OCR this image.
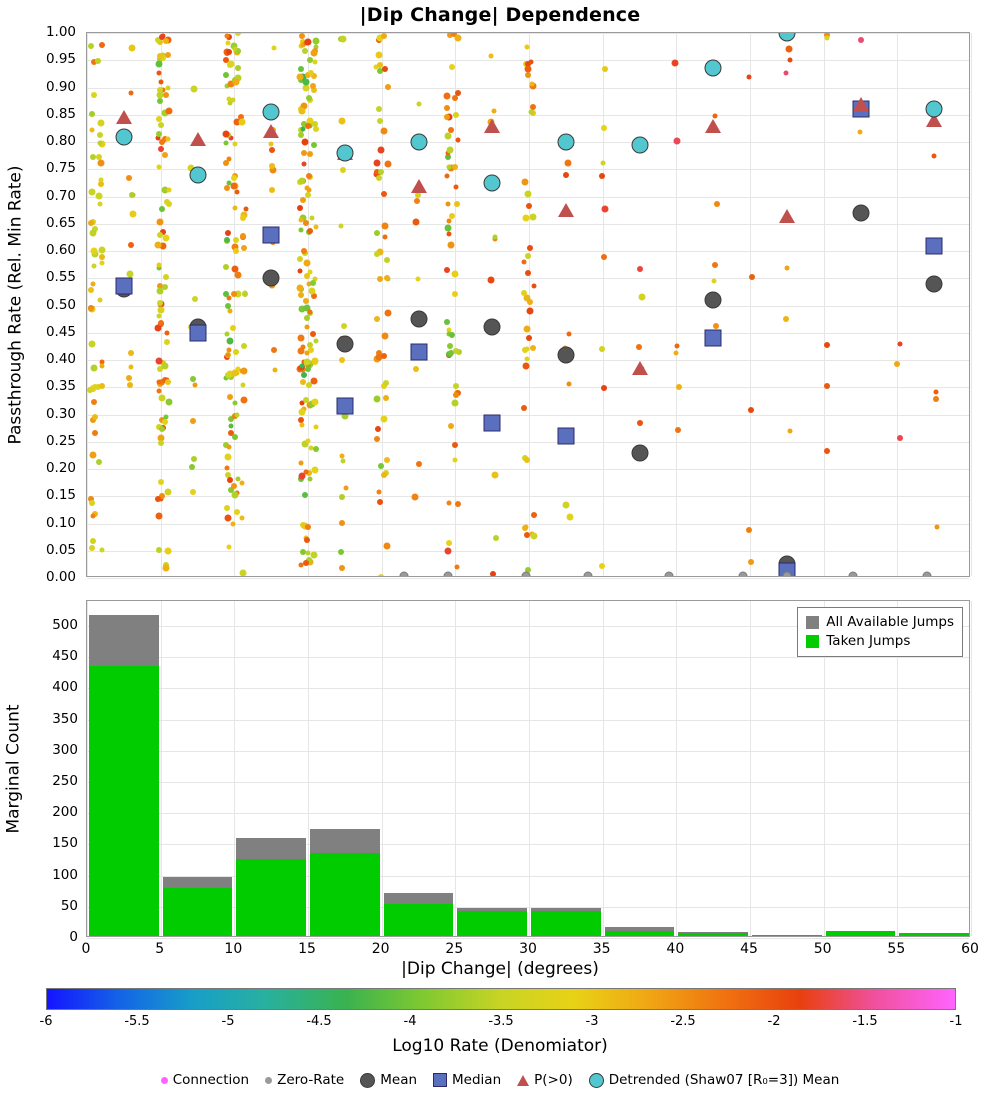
|Dip Change| Dependence
Passthrough Rate (Rel. Min Rate)
0.00
0.05
0.10
0.15
0.20
0.25
0.30
0.35
0.40
0.45
0.50
0.55
0.60
0.65
0.70
0.75
0.80
0.85
0.90
0.95
1.00
Marginal Count
0
50
100
150
200
250
300
350
400
450
500
0	5	10	15	20	25	30	35	40	45	50	55	60
All Available Jumps
Taken Jumps
|Dip Change| (degrees)
-6	-5.5	-5	-4.5	-4	-3.5	-3	-2.5	-2	-1.5	-1
Log10 Rate (Denomiator)
Connection Zero-Rate	Mean	Median P(>0)	Detrended (Shaw07 [R₀=3]) Mean
